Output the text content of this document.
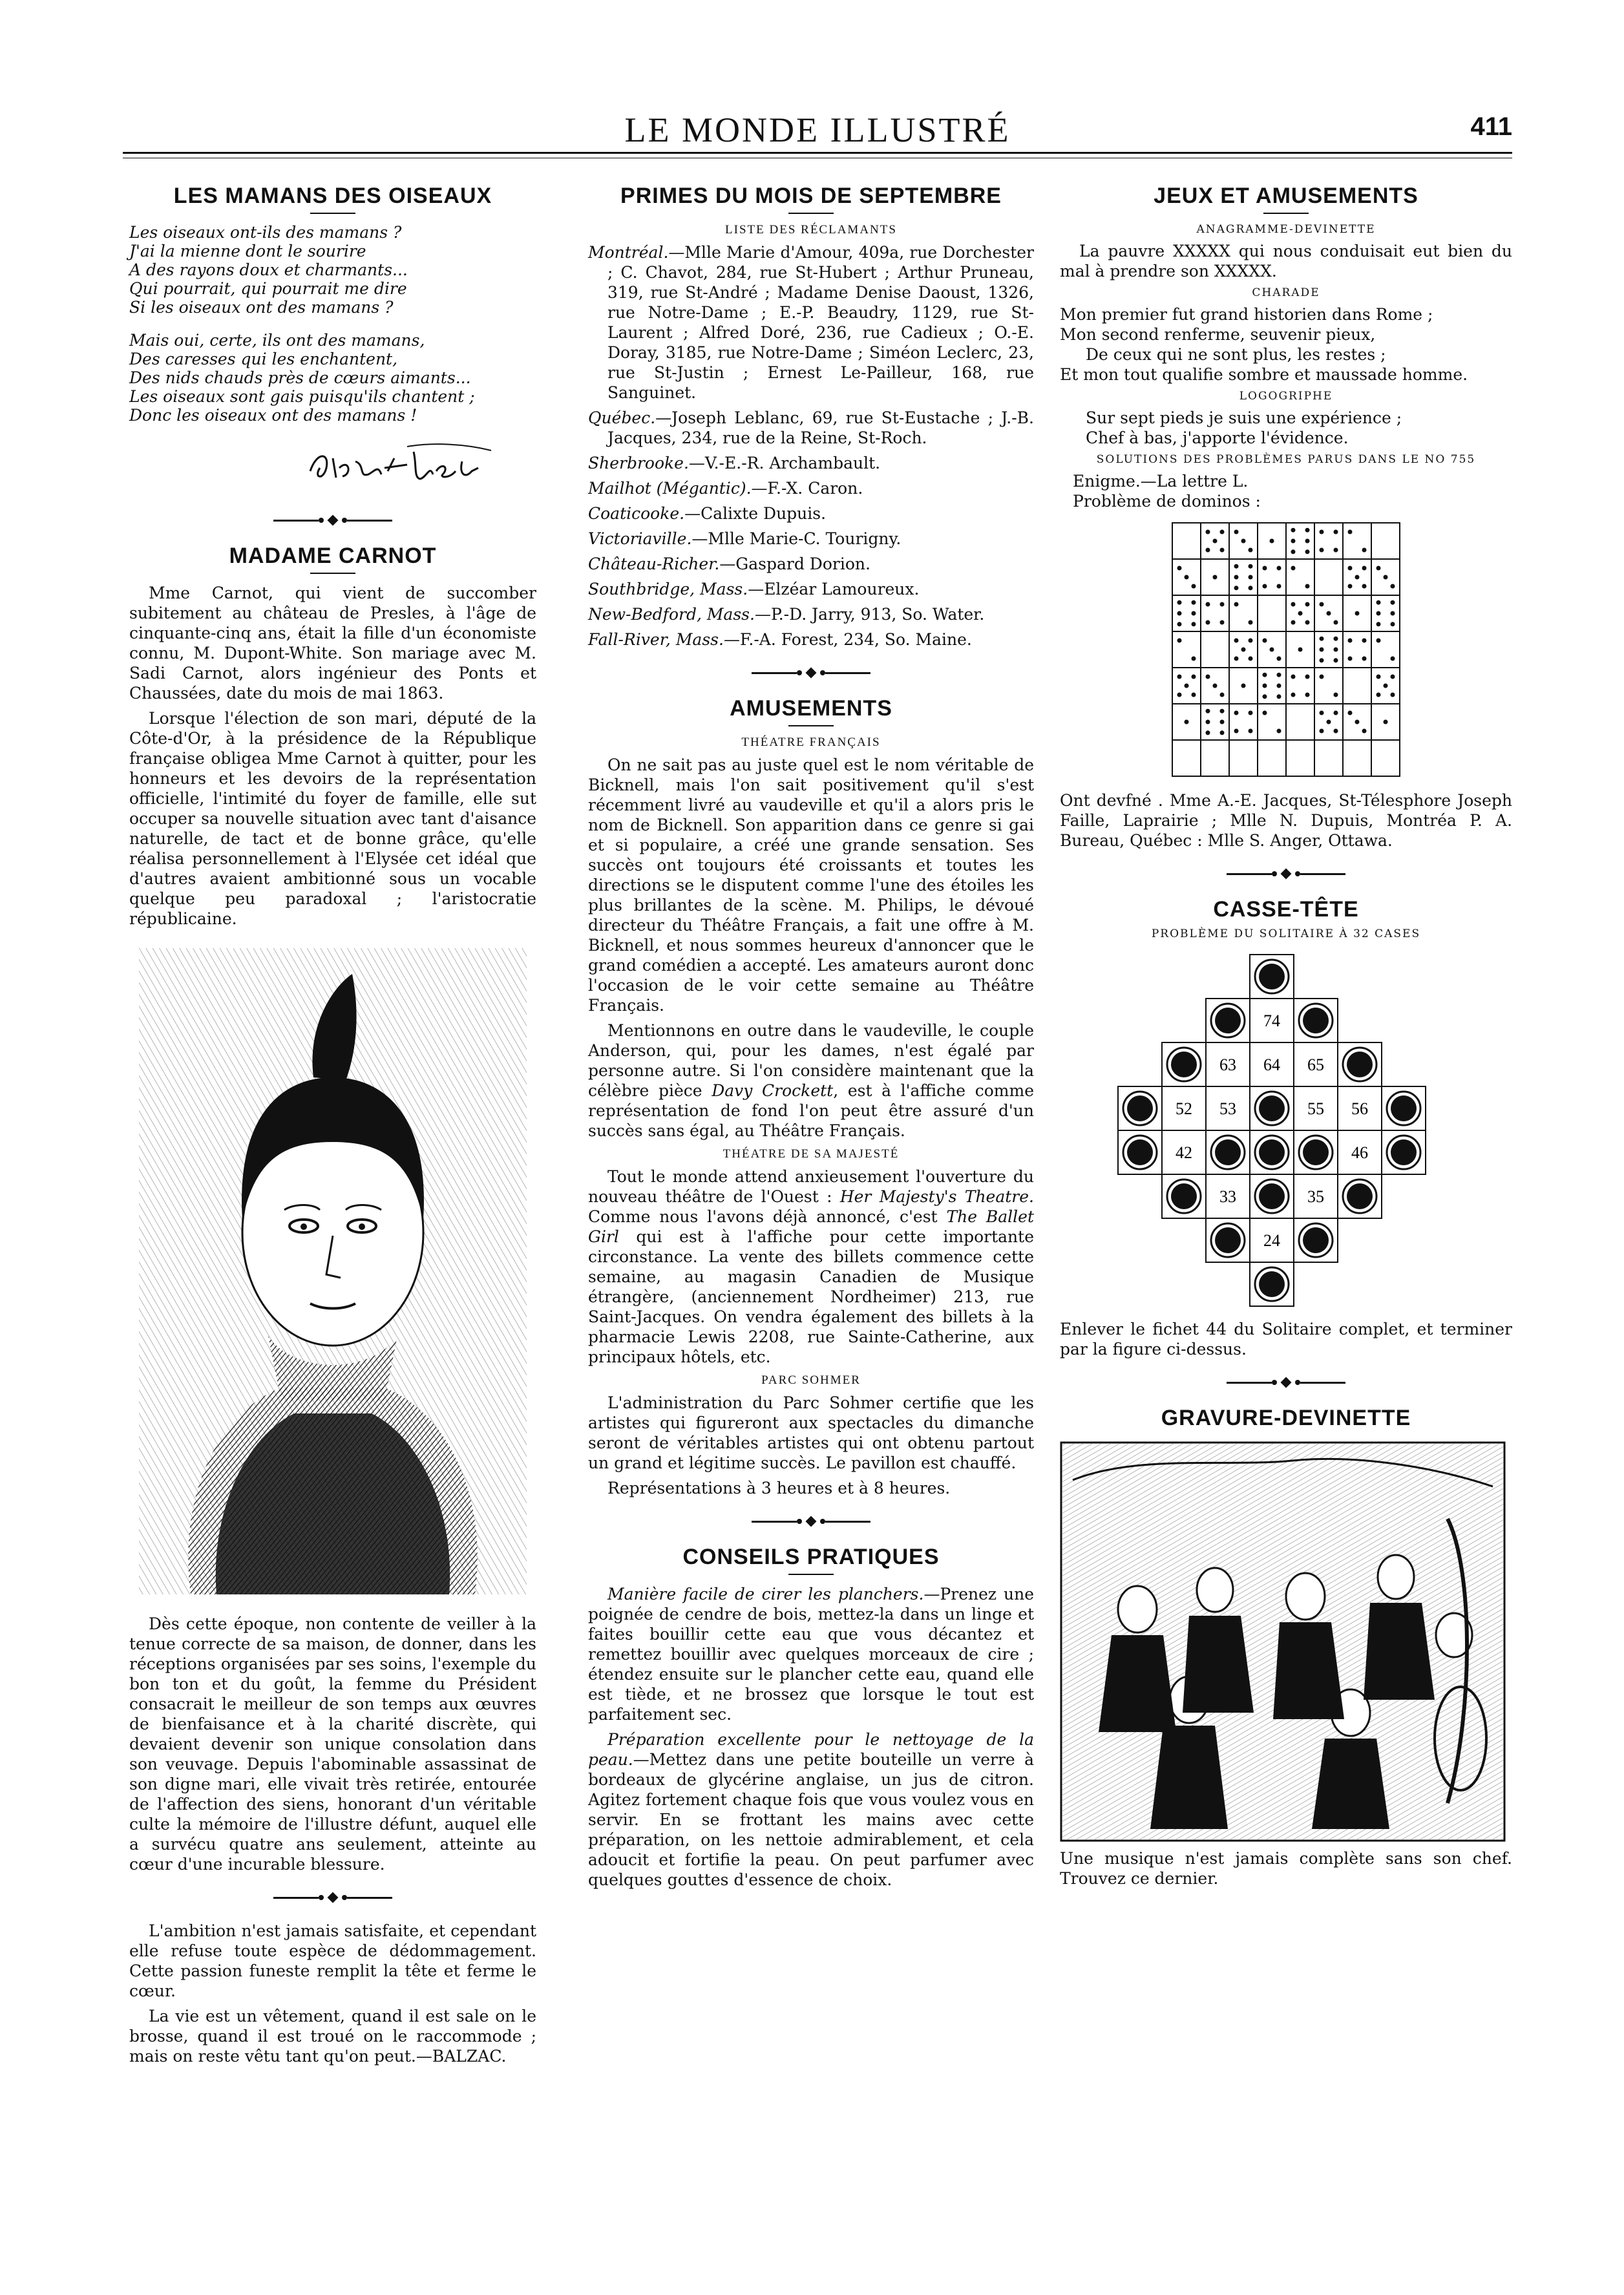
LE MONDE ILLUSTRÉ	411
LES MAMANS DES OISEAUX
Les oiseaux ont-ils des mamans ?
J'ai la mienne dont le sourire
A des rayons doux et charmants...
Qui pourrait, qui pourrait me dire
Si les oiseaux ont des mamans ?
Mais oui, certe, ils ont des mamans,
Des caresses qui les enchantent,
Des nids chauds près de cœurs aimants...
Les oiseaux sont gais puisqu'ils chantent ;
Donc les oiseaux ont des mamans !
MADAME CARNOT

Mme Carnot, qui vient de succomber subitement au château de Presles, à l'âge de cinquante-cinq ans, était la fille d'un économiste connu, M. Dupont-White. Son mariage avec M. Sadi Carnot, alors ingénieur des Ponts et Chaussées, date du mois de mai 1863.

Lorsque l'élection de son mari, député de la Côte-d'Or, à la présidence de la République française obligea Mme Carnot à quitter, pour les honneurs et les devoirs de la représentation officielle, l'intimité du foyer de famille, elle sut occuper sa nouvelle situation avec tant d'aisance naturelle, de tact et de bonne grâce, qu'elle réalisa personnellement à l'Elysée cet idéal que d'autres avaient ambitionné sous un vocable quelque peu paradoxal ; l'aristocratie républicaine.

Dès cette époque, non contente de veiller à la tenue correcte de sa maison, de donner, dans les réceptions organisées par ses soins, l'exemple du bon ton et du goût, la femme du Président consacrait le meilleur de son temps aux œuvres de bienfaisance et à la charité discrète, qui devaient devenir son unique consolation dans son veuvage. Depuis l'abominable assassinat de son digne mari, elle vivait très retirée, entourée de l'affection des siens, honorant d'un véritable culte la mémoire de l'illustre défunt, auquel elle a survécu quatre ans seulement, atteinte au cœur d'une incurable blessure.

L'ambition n'est jamais satisfaite, et cependant elle refuse toute espèce de dédommagement. Cette passion funeste remplit la tête et ferme le cœur.

La vie est un vêtement, quand il est sale on le brosse, quand il est troué on le raccommode ; mais on reste vêtu tant qu'on peut.—BALZAC.

PRIMES DU MOIS DE SEPTEMBRE
LISTE DES RÉCLAMANTS

Montréal.—Mlle Marie d'Amour, 409a, rue Dorchester ; C. Chavot, 284, rue St-Hubert ; Arthur Pruneau, 319, rue St-André ; Madame Denise Daoust, 1326, rue Notre-Dame ; E.-P. Beaudry, 1129, rue St-Laurent ; Alfred Doré, 236, rue Cadieux ; O.-E. Doray, 3185, rue Notre-Dame ; Siméon Leclerc, 23, rue St-Justin ; Ernest Le-Pailleur, 168, rue Sanguinet.

Québec.—Joseph Leblanc, 69, rue St-Eustache ; J.-B. Jacques, 234, rue de la Reine, St-Roch.

Sherbrooke.—V.-E.-R. Archambault.

Mailhot (Mégantic).—F.-X. Caron.

Coaticooke.—Calixte Dupuis.

Victoriaville.—Mlle Marie-C. Tourigny.

Château-Richer.—Gaspard Dorion.

Southbridge, Mass.—Elzéar Lamoureux.

New-Bedford, Mass.—P.-D. Jarry, 913, So. Water.

Fall-River, Mass.—F.-A. Forest, 234, So. Maine.

AMUSEMENTS
THÉATRE FRANÇAIS

On ne sait pas au juste quel est le nom véritable de Bicknell, mais l'on sait positivement qu'il s'est récemment livré au vaudeville et qu'il a alors pris le nom de Bicknell. Son apparition dans ce genre si gai et si populaire, a créé une grande sensation. Ses succès ont toujours été croissants et toutes les directions se le disputent comme l'une des étoiles les plus brillantes de la scène. M. Philips, le dévoué directeur du Théâtre Français, a fait une offre à M. Bicknell, et nous sommes heureux d'annoncer que le grand comédien a accepté. Les amateurs auront donc l'occasion de le voir cette semaine au Théâtre Français.

Mentionnons en outre dans le vaudeville, le couple Anderson, qui, pour les dames, n'est égalé par personne autre. Si l'on considère maintenant que la célèbre pièce Davy Crockett, est à l'affiche comme représentation de fond l'on peut être assuré d'un succès sans égal, au Théâtre Français.

THÉATRE DE SA MAJESTÉ

Tout le monde attend anxieusement l'ouverture du nouveau théâtre de l'Ouest : Her Majesty's Theatre. Comme nous l'avons déjà annoncé, c'est The Ballet Girl qui est à l'affiche pour cette importante circonstance. La vente des billets commence cette semaine, au magasin Canadien de Musique étrangère, (anciennement Nordheimer) 213, rue Saint-Jacques. On vendra également des billets à la pharmacie Lewis 2208, rue Sainte-Catherine, aux principaux hôtels, etc.

PARC SOHMER

L'administration du Parc Sohmer certifie que les artistes qui figureront aux spectacles du dimanche seront de véritables artistes qui ont obtenu partout un grand et légitime succès. Le pavillon est chauffé.

Représentations à 3 heures et à 8 heures.

CONSEILS PRATIQUES

Manière facile de cirer les planchers.—Prenez une poignée de cendre de bois, mettez-la dans un linge et faites bouillir cette eau que vous décantez et remettez bouillir avec quelques morceaux de cire ; étendez ensuite sur le plancher cette eau, quand elle est tiède, et ne brossez que lorsque le tout est parfaitement sec.

Préparation excellente pour le nettoyage de la peau.—Mettez dans une petite bouteille un verre à bordeaux de glycérine anglaise, un jus de citron. Agitez fortement chaque fois que vous voulez vous en servir. En se frottant les mains avec cette préparation, on les nettoie admirablement, et cela adoucit et fortifie la peau. On peut parfumer avec quelques gouttes d'essence de choix.

JEUX ET AMUSEMENTS
ANAGRAMME-DEVINETTE

La pauvre XXXXX qui nous conduisait eut bien du mal à prendre son XXXXX.

CHARADE
Mon premier fut grand historien dans Rome ;
Mon second renferme, seuvenir pieux,
De ceux qui ne sont plus, les restes ;
Et mon tout qualifie sombre et maussade homme.
LOGOGRIPHE
Sur sept pieds je suis une expérience ;
Chef à bas, j'apporte l'évidence.
SOLUTIONS DES PROBLÈMES PARUS DANS LE NO 755
Enigme.—La lettre L.
Problème de dominos :

Ont devfné . Mme A.-E. Jacques, St-Télesphore Joseph Faille, Laprairie ; Mlle N. Dupuis, Montréa P. A. Bureau, Québec : Mlle S. Anger, Ottawa.

CASSE-TÊTE
PROBLÈME DU SOLITAIRE À 32 CASES
74
63 64 65
52 53	55 56
42	46
33	35
24

Enlever le fichet 44 du Solitaire complet, et terminer par la figure ci-dessus.

GRAVURE-DEVINETTE

Une musique n'est jamais complète sans son chef. Trouvez ce dernier.
